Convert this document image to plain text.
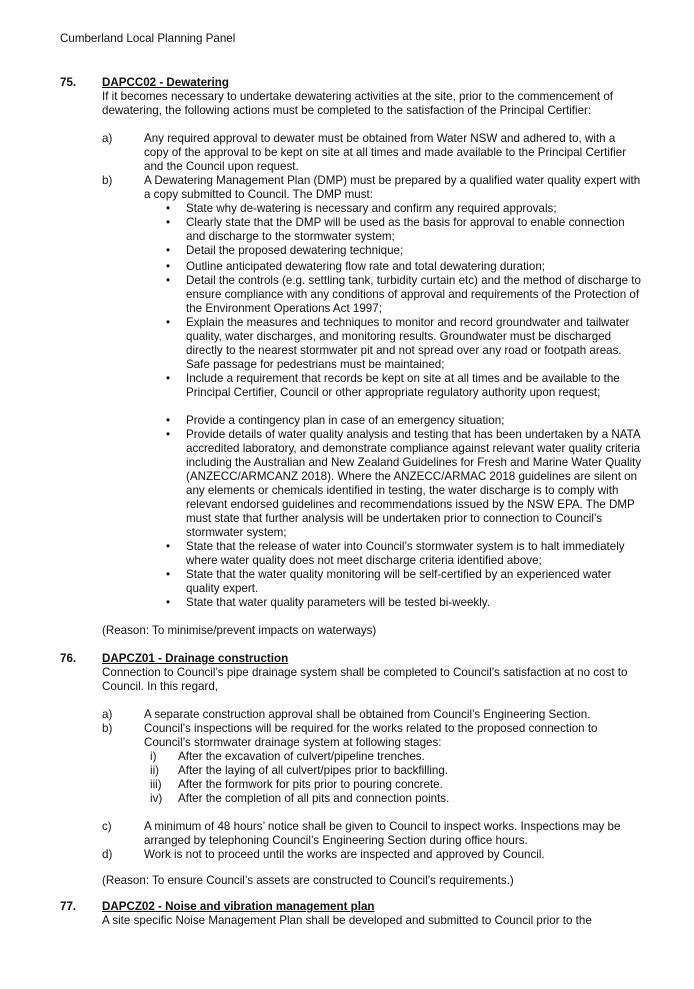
Cumberland Local Planning Panel
75. DAPCC02 - Dewatering
If it becomes necessary to undertake dewatering activities at the site, prior to the commencement of dewatering, the following actions must be completed to the satisfaction of the Principal Certifier:
a)	Any required approval to dewater must be obtained from Water NSW and adhered to, with a copy of the approval to be kept on site at all times and made available to the Principal Certifier and the Council upon request.
b)	A Dewatering Management Plan (DMP) must be prepared by a qualified water quality expert with a copy submitted to Council. The DMP must:
• State why de-watering is necessary and confirm any required approvals;
• Clearly state that the DMP will be used as the basis for approval to enable connection and discharge to the stormwater system;
• Detail the proposed dewatering technique;
• Outline anticipated dewatering flow rate and total dewatering duration;
• Detail the controls (e.g. settling tank, turbidity curtain etc) and the method of discharge to ensure compliance with any conditions of approval and requirements of the Protection of the Environment Operations Act 1997;
• Explain the measures and techniques to monitor and record groundwater and tailwater quality, water discharges, and monitoring results. Groundwater must be discharged directly to the nearest stormwater pit and not spread over any road or footpath areas. Safe passage for pedestrians must be maintained;
• Include a requirement that records be kept on site at all times and be available to the Principal Certifier, Council or other appropriate regulatory authority upon request;
• Provide a contingency plan in case of an emergency situation;
• Provide details of water quality analysis and testing that has been undertaken by a NATA accredited laboratory, and demonstrate compliance against relevant water quality criteria including the Australian and New Zealand Guidelines for Fresh and Marine Water Quality (ANZECC/ARMCANZ 2018). Where the ANZECC/ARMAC 2018 guidelines are silent on any elements or chemicals identified in testing, the water discharge is to comply with relevant endorsed guidelines and recommendations issued by the NSW EPA. The DMP must state that further analysis will be undertaken prior to connection to Council’s stormwater system;
• State that the release of water into Council’s stormwater system is to halt immediately where water quality does not meet discharge criteria identified above;
• State that the water quality monitoring will be self-certified by an experienced water quality expert.
• State that water quality parameters will be tested bi-weekly.
(Reason: To minimise/prevent impacts on waterways)
76. DAPCZ01 - Drainage construction
Connection to Council’s pipe drainage system shall be completed to Council’s satisfaction at no cost to Council. In this regard,
a)	A separate construction approval shall be obtained from Council’s Engineering Section.
b)	Council’s inspections will be required for the works related to the proposed connection to Council’s stormwater drainage system at following stages:
i)	After the excavation of culvert/pipeline trenches.
ii)	After the laying of all culvert/pipes prior to backfilling.
iii)	After the formwork for pits prior to pouring concrete.
iv)	After the completion of all pits and connection points.
c)	A minimum of 48 hours’ notice shall be given to Council to inspect works. Inspections may be arranged by telephoning Council’s Engineering Section during office hours.
d)	Work is not to proceed until the works are inspected and approved by Council.
(Reason: To ensure Council’s assets are constructed to Council’s requirements.)
77. DAPCZ02 - Noise and vibration management plan
A site specific Noise Management Plan shall be developed and submitted to Council prior to the
